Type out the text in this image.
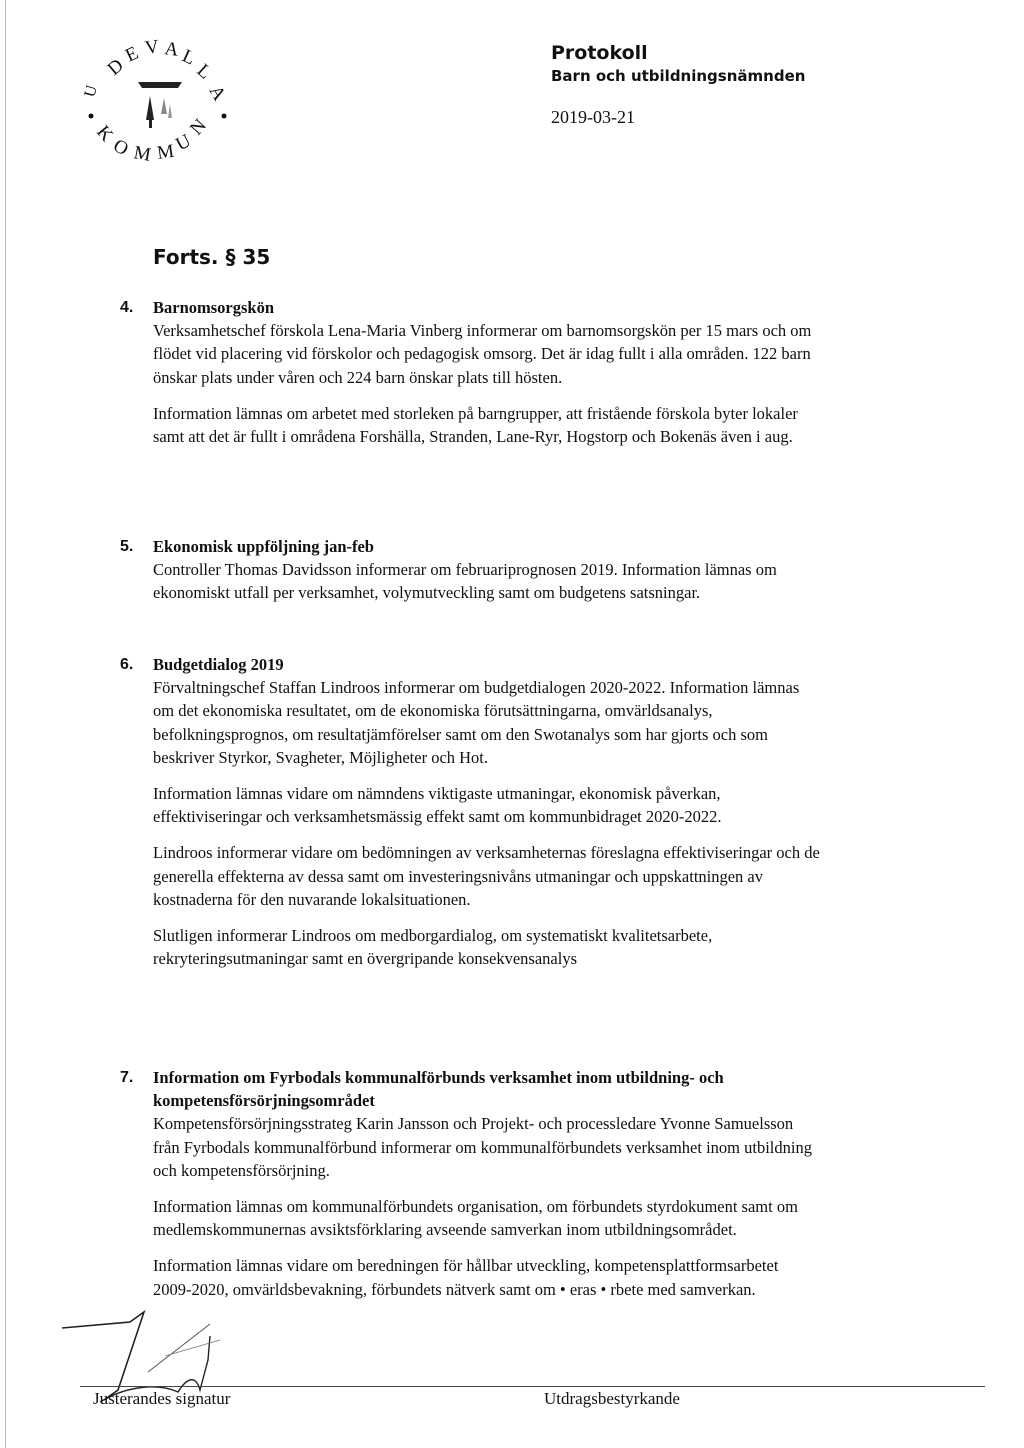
D
E V A L
L
A
K
O M M
U
N
U
Protokoll
Barn och utbildningsnämnden
2019-03-21
Forts. § 35
4. Barnomsorgskön

Verksamhetschef förskola Lena-Maria Vinberg informerar om barnomsorgskön per 15 mars och om flödet vid placering vid förskolor och pedagogisk omsorg. Det är idag fullt i alla områden. 122 barn önskar plats under våren och 224 barn önskar plats till hösten.

Information lämnas om arbetet med storleken på barngrupper, att fristående förskola byter lokaler samt att det är fullt i områdena Forshälla, Stranden, Lane-Ryr, Hogstorp och Bokenäs även i aug.

5. Ekonomisk uppföljning jan-feb

Controller Thomas Davidsson informerar om februariprognosen 2019. Information lämnas om ekonomiskt utfall per verksamhet, volymutveckling samt om budgetens satsningar.

6. Budgetdialog 2019

Förvaltningschef Staffan Lindroos informerar om budgetdialogen 2020-2022. Information lämnas om det ekonomiska resultatet, om de ekonomiska förutsättningarna, omvärldsanalys, befolkningsprognos, om resultatjämförelser samt om den Swotanalys som har gjorts och som beskriver Styrkor, Svagheter, Möjligheter och Hot.

Information lämnas vidare om nämndens viktigaste utmaningar, ekonomisk påverkan, effektiviseringar och verksamhetsmässig effekt samt om kommunbidraget 2020-2022.

Lindroos informerar vidare om bedömningen av verksamheternas föreslagna effektiviseringar och de generella effekterna av dessa samt om investeringsnivåns utmaningar och uppskattningen av kostnaderna för den nuvarande lokalsituationen.

Slutligen informerar Lindroos om medborgardialog, om systematiskt kvalitetsarbete, rekryteringsutmaningar samt en övergripande konsekvensanalys

7. Information om Fyrbodals kommunalförbunds verksamhet inom utbildning- och kompetensförsörjningsområdet

Kompetensförsörjningsstrateg Karin Jansson och Projekt- och processledare Yvonne Samuelsson från Fyrbodals kommunalförbund informerar om kommunalförbundets verksamhet inom utbildning och kompetensförsörjning.

Information lämnas om kommunalförbundets organisation, om förbundets styrdokument samt om medlemskommunernas avsiktsförklaring avseende samverkan inom utbildningsområdet.

Information lämnas vidare om beredningen för hållbar utveckling, kompetensplattformsarbetet 2009-2020, omvärldsbevakning, förbundets nätverk samt om • eras • rbete med samverkan.

Justerandes signatur	Utdragsbestyrkande
